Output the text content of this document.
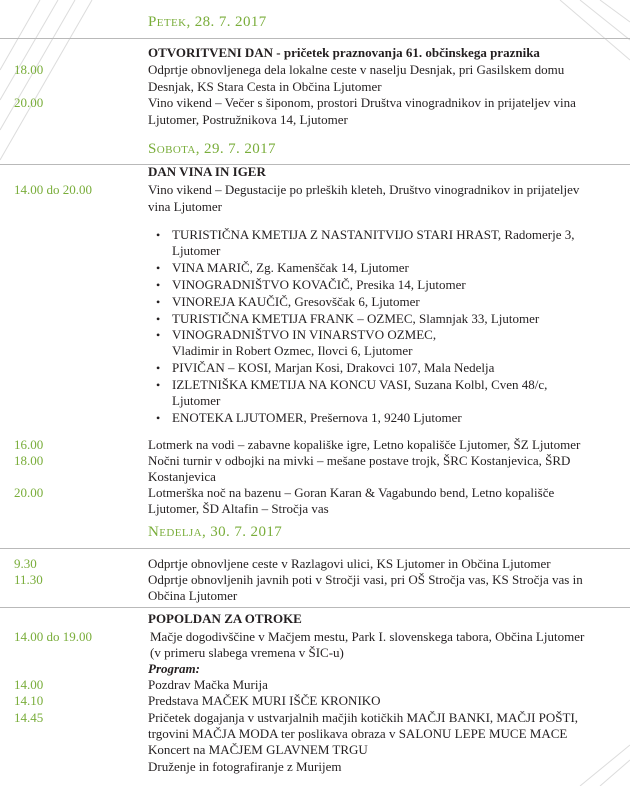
Petek, 28. 7. 2017
OTVORITVENI DAN - pričetek praznovanja 61. občinskega praznika
18.00	Odprtje obnovljenega dela lokalne ceste v naselju Desnjak, pri Gasilskem domu
Desnjak, KS Stara Cesta in Občina Ljutomer
20.00	Vino vikend – Večer s šiponom, prostori Društva vinogradnikov in prijateljev vina
Ljutomer, Postružnikova 14, Ljutomer
Sobota, 29. 7. 2017
DAN VINA IN IGER
14.00 do 20.00	Vino vikend – Degustacije po prleških kleteh, Društvo vinogradnikov in prijateljev
vina Ljutomer
• TURISTIČNA KMETIJA Z NASTANITVIJO STARI HRAST, Radomerje 3,
Ljutomer
• VINA MARIČ, Zg. Kamenščak 14, Ljutomer
• VINOGRADNIŠTVO KOVAČIČ, Presika 14, Ljutomer
• VINOREJA KAUČIČ, Gresovščak 6, Ljutomer
• TURISTIČNA KMETIJA FRANK – OZMEC, Slamnjak 33, Ljutomer
• VINOGRADNIŠTVO IN VINARSTVO OZMEC,
Vladimir in Robert Ozmec, Ilovci 6, Ljutomer
• PIVIČAN – KOSI, Marjan Kosi, Drakovci 107, Mala Nedelja
• IZLETNIŠKA KMETIJA NA KONCU VASI, Suzana Kolbl, Cven 48/c,
Ljutomer
• ENOTEKA LJUTOMER, Prešernova 1, 9240 Ljutomer
16.00	Lotmerk na vodi – zabavne kopališke igre, Letno kopališče Ljutomer, ŠZ Ljutomer
18.00	Nočni turnir v odbojki na mivki – mešane postave trojk, ŠRC Kostanjevica, ŠRD
Kostanjevica
20.00	Lotmerška noč na bazenu – Goran Karan & Vagabundo bend, Letno kopališče
Ljutomer, ŠD Altafin – Stročja vas
Nedelja, 30. 7. 2017
9.30	Odprtje obnovljene ceste v Razlagovi ulici, KS Ljutomer in Občina Ljutomer
11.30	Odprtje obnovljenih javnih poti v Stročji vasi, pri OŠ Stročja vas, KS Stročja vas in
Občina Ljutomer
POPOLDAN ZA OTROKE
14.00 do 19.00	Mačje dogodivščine v Mačjem mestu, Park I. slovenskega tabora, Občina Ljutomer
(v primeru slabega vremena v ŠIC-u)
Program:
14.00	Pozdrav Mačka Murija
14.10	Predstava MAČEK MURI IŠČE KRONIKO
14.45	Pričetek dogajanja v ustvarjalnih mačjih kotičkih MAČJI BANKI, MAČJI POŠTI,
trgovini MAČJA MODA ter poslikava obraza v SALONU LEPE MUCE MACE
Koncert na MAČJEM GLAVNEM TRGU
Druženje in fotografiranje z Murijem
